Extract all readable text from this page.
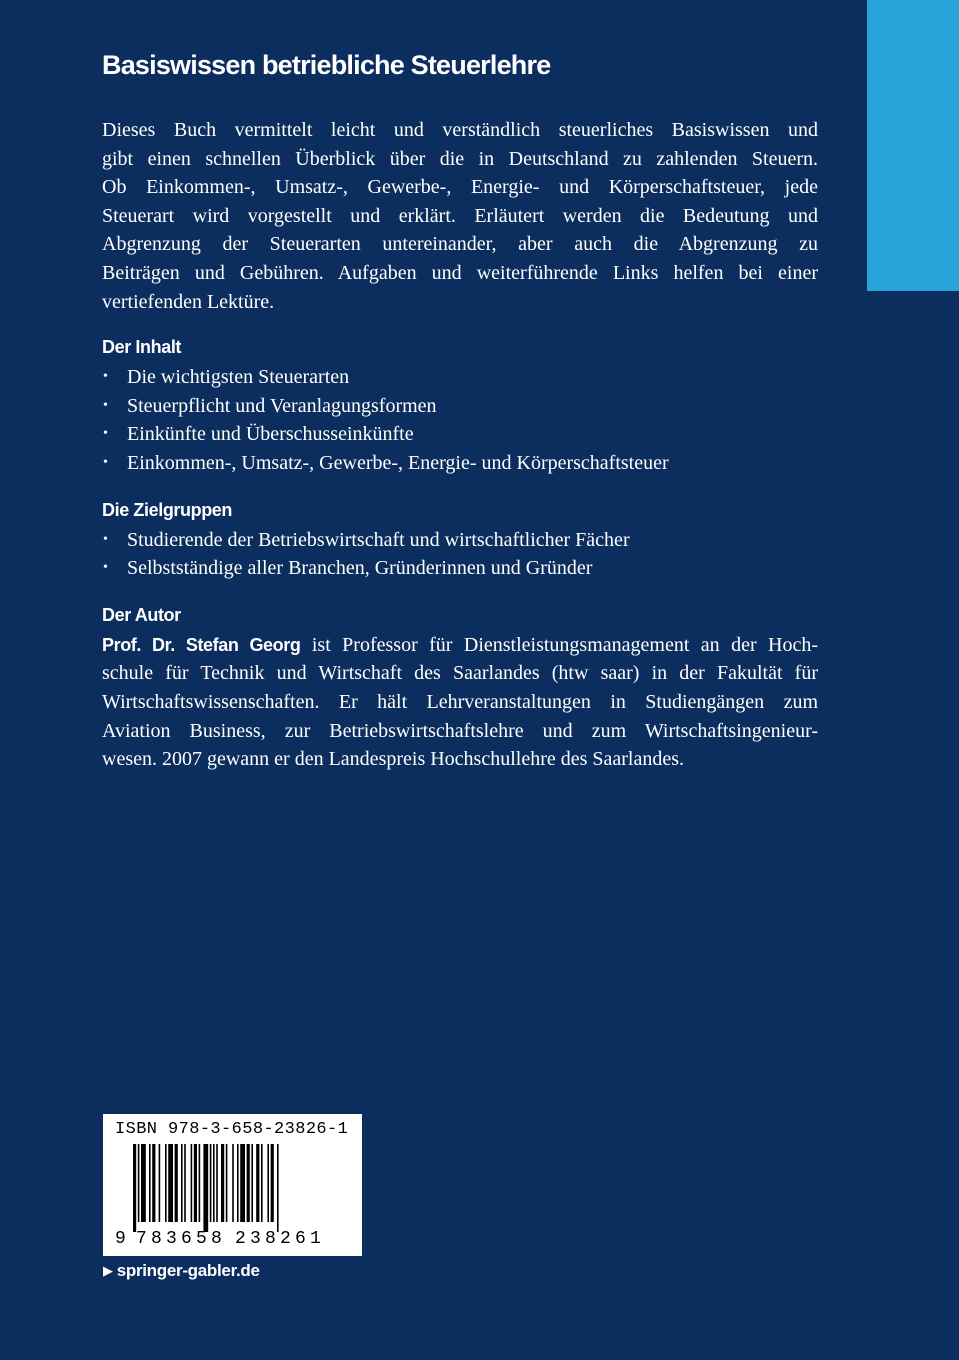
Basiswissen betriebliche Steuerlehre

Dieses Buch vermittelt leicht und verständlich steuerliches Basiswissen und
gibt einen schnellen Überblick über die in Deutschland zu zahlenden Steuern.
Ob Einkommen-, Umsatz-, Gewerbe-, Energie- und Körperschaftsteuer, jede
Steuerart wird vorgestellt und erklärt. Erläutert werden die Bedeutung und
Abgrenzung der Steuerarten untereinander, aber auch die Abgrenzung zu
Beiträgen und Gebühren. Aufgaben und weiterführende Links helfen bei einer
vertiefenden Lektüre.

Der Inhalt
• Die wichtigsten Steuerarten
• Steuerpflicht und Veranlagungsformen
• Einkünfte und Überschusseinkünfte
• Einkommen-, Umsatz-, Gewerbe-, Energie- und Körperschaftsteuer
Die Zielgruppen
• Studierende der Betriebswirtschaft und wirtschaftlicher Fächer
• Selbstständige aller Branchen, Gründerinnen und Gründer
Der Autor

Prof. Dr. Stefan Georg ist Professor für Dienstleistungsmanagement an der Hoch-
schule für Technik und Wirtschaft des Saarlandes (htw saar) in der Fakultät für
Wirtschaftswissenschaften. Er hält Lehrveranstaltungen in Studiengängen zum
Aviation Business, zur Betriebswirtschaftslehre und zum Wirtschaftsingenieur-
wesen. 2007 gewann er den Landespreis Hochschullehre des Saarlandes.

ISBN 978-3-658-23826-1
9 7 8 3 6 5 8 2 3 8 2 6 1
▶ springer-gabler.de
